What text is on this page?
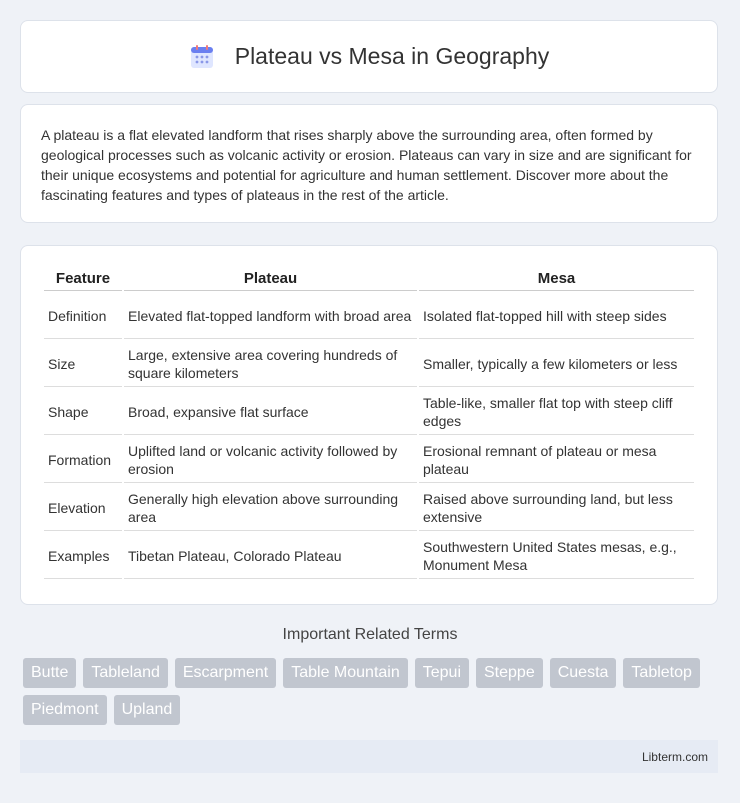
Plateau vs Mesa in Geography

A plateau is a flat elevated landform that rises sharply above the surrounding area, often formed by geological processes such as volcanic activity or erosion. Plateaus can vary in size and are significant for their unique ecosystems and potential for agriculture and human settlement. Discover more about the fascinating features and types of plateaus in the rest of the article.

Feature	Plateau	Mesa
Definition	Elevated flat-topped landform with broad area	Isolated flat-topped hill with steep sides
Size	Large, extensive area covering hundreds of square kilometers	Smaller, typically a few kilometers or less
Shape	Broad, expansive flat surface	Table-like, smaller flat top with steep cliff edges
Formation	Uplifted land or volcanic activity followed by erosion	Erosional remnant of plateau or mesa plateau
Elevation	Generally high elevation above surrounding area	Raised above surrounding land, but less extensive
Examples	Tibetan Plateau, Colorado Plateau	Southwestern United States mesas, e.g., Monument Mesa
Important Related Terms
Butte	Tableland	Escarpment	Table Mountain	Tepui	Steppe	Cuesta	Tabletop
Piedmont	Upland
Libterm.com
